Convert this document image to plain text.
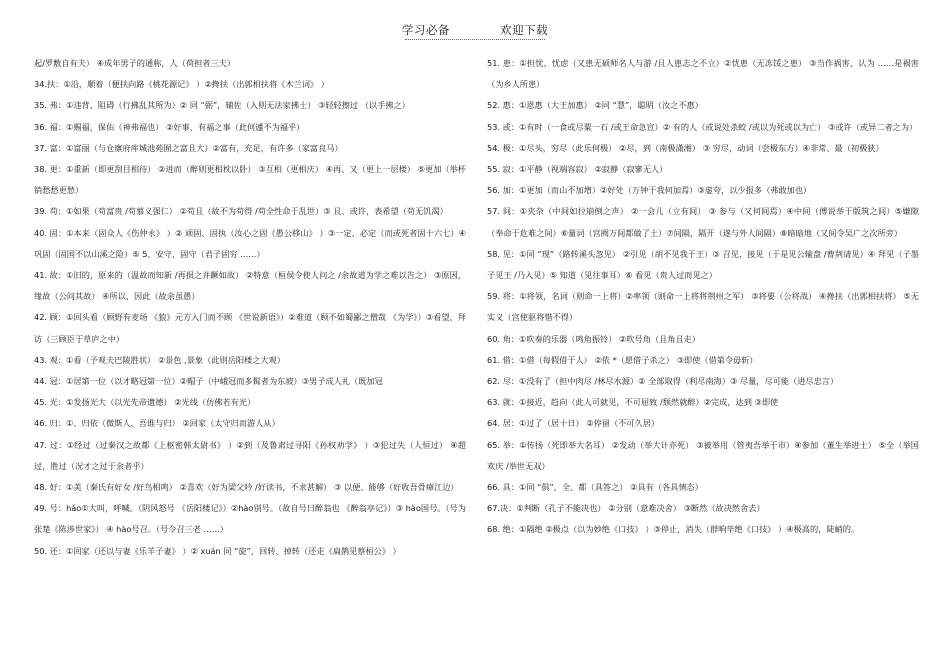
学习必备	欢迎下载

起/罗敷自有夫） ④成年男子的通称，人（荷担者三夫）

34.扶：①沿，顺着（便扶向路《桃花源记》 ）②搀扶（出郭相扶将《木兰词》 ）

35. 弗：①违背、阻碍（行拂乱其所为）② 同 “弼”，辅佐（入则无法家拂士） ③轻轻擦过 （以手拂之）

36. 福：①赐福，保佑（神弗福也） ②好事、有福之事（此何遽不为福乎）

37. 富：①富丽（与仓廪府库城池苑囿之富且大）②富有，充足，有许多（家富良马）

38. 更：①重新（即更刮目相待） ②进而（醉则更相枕以卧） ③互相（更相庆） ④再、又（更上一层楼） ⑤更加（举杯销愁愁更愁）

39. 苟：①如果（苟富贵 /苟慕义强仁） ②苟且（故不为苟得 /苟全性命于乱世）③ 且、或许，表希望（苟无饥渴）

40. 固：①本来（固众人《伤仲永》 ）② 顽固、固执（汝心之固《愚公移山》 ）③一定、必定（而或死者固十六七）④巩固（固国不以山溪之险）⑤ 5、安守，固守（君子固穷 ……）

41. 故：①旧的，原来的（温故而知新 /再损之并蹶如故） ②特意（桓侯令使人问之 /余故道为学之难以告之） ③原因，缘故（公问其故） ④所以，因此（故余虽愚）

42. 顾：①回头看（顾野有麦场 《狼》元方入门而不顾 《世说新语》）②难道（顾不如蜀鄙之僧哉 《为学》）③看望，拜访（三顾臣于草庐之中）

43. 观：①看（予观夫巴陵胜状） ②景色 ,景象（此则岳阳楼之大观）

44. 冠：①居第一位（以才略冠第一位）②帽子（中峨冠而多髯者为东坡）③男子成人礼（既加冠

45. 光：①发扬光大（以光先帝遗德） ②光线（仿佛若有光）

46. 归：①、归依（微斯人，吾谁与归） ②回家（太守归而游人从）

47. 过：①经过（过秦汉之故都《上枢密韩太尉书》 ）②到（及鲁肃过寻阳《孙权劝学》 ）③犯过失（人恒过） ④超过，胜过（况才之过于余者乎）

48. 好：①美（秦氏有好女 /好鸟相鸣） ②喜欢（好为梁父吟 /好读书，不求甚解） ③ 以便、能够（好收吾骨瘴江边）

49. 号：háo①大叫，呼喊。（阴风怒号 《岳阳楼记》）②hào别号。（故自号曰醉翁也 《醉翁亭记》）③ hào国号。（号为张楚《陈涉世家》） ④ hào号召。（号令召三老 ……）

50. 还：①回家（还以与妻《乐羊子妻》 ）② xuán 同 “旋”，回转、掉转（还走《扁鹊见蔡桓公》 ）

51. 患：①担忧、忧虑（又患无硕师名人与游 /且人患志之不立）②忧患（无冻馁之患） ③当作祸害、认为 ……是祸害（为乡人所患）

52. 惠：①恩惠（大王加惠） ②同 “慧”，聪明（汝之不惠）

53. 或：①有时（一食或尽粟一石 /或王命急宣）② 有的人（或说处杀蛟 /或以为死或以为亡） ③或许（或异二者之为）

54. 极：①尽头，穷尽（此乐何极） ②尽，到（南极潇湘） ③ 穷尽，动词（尝极东方）④非常、最（初极狭）

55. 寂：①平静（视端容寂） ②寂静（寂寥无人）

56. 加：①更加（而山不加增）②好处（万钟于我何加焉）③虚夸，以少报多（弗敢加也）

57. 间：①夹杂（中间如拉崩倒之声） ②一会儿（立有间） ③ 参与（又何间焉）④中间（傅说举于版筑之间）⑤嫌隙（奉命于危难之间）⑥量词（宫阙万间都做了土）⑦间隔，隔开（遂与外人间隔）⑧暗暗地（又间令吴广之次所旁）

58. 见：①同 “现”（路转溪头忽见） ②引见（胡不见我于王）③ 召见，接见（于是见公输盘 /曹刿请见）④ 拜见（子墨子见王 /乃入见）⑤ 知道（见往事耳）⑥ 看见（贵人过而见之）

59. 将：①将领，名词（则命一上将）②率领（则命一上将将荆州之军） ③将要（公将战） ④搀扶（出郭相扶将） ⑤无实义（宫使驱将惜不得）

60. 角：①吹奏的乐器（鸣角振铃） ②吹号角（且角且走）

61. 借：①借（每假借于人） ②依 *（愿借子杀之） ③即使（借第令毋斩）

62. 尽：①没有了（担中肉尽 /林尽水源）② 全部取得（利尽南海）③ 尽量，尽可能（进尽忠言）

63. 就：①接近，趋向（此人可就见，不可屈致 /颓然就醉）②完成，达到 ③即使

64. 居：①过了（居十日） ②停留（不可久居）

65. 举：①传扬（死即举大名耳） ②发动（举大计亦死） ③被举用（管夷吾举于市）④参加（董生举进士） ⑤全（举国欢庆 /举世无双）

66. 具：①同 “俱”，全、都（具答之） ②具有（各具情态）

67.决：①判断（孔子不能决也） ②分别（意难决舍） ③断然（故决然舍去）

68. 绝：①隔绝 ②极点（以为妙绝《口技》 ）③停止，消失（群响毕绝《口技》 ）④极高的，陡峭的。
